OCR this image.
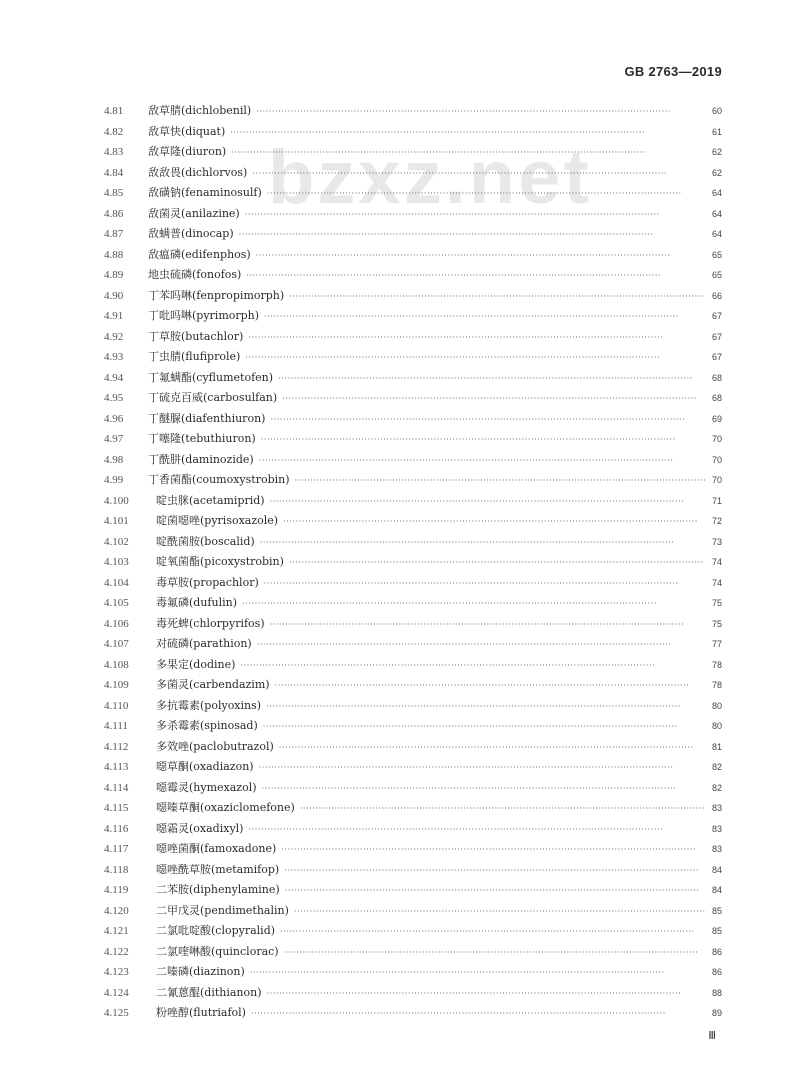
GB 2763—2019
bzxz.net
4.81 敌草腈(dichlobenil) ·····	60
4.82 敌草快(diquat) ·····	61
4.83 敌草隆(diuron) ·····	62
4.84 敌敌畏(dichlorvos) ·····	62
4.85 敌磺钠(fenaminosulf) ·····	64
4.86 敌菌灵(anilazine) ·····	64
4.87 敌螨普(dinocap) ·····	64
4.88 敌瘟磷(edifenphos) ·····	65
4.89 地虫硫磷(fonofos) ·····	65
4.90 丁苯吗啉(fenpropimorph) ·····	66
4.91 丁吡吗啉(pyrimorph) ·····	67
4.92 丁草胺(butachlor) ·····	67
4.93 丁虫腈(flufiprole) ·····	67
4.94 丁氟螨酯(cyflumetofen) ·····	68
4.95 丁硫克百威(carbosulfan) ·····	68
4.96 丁醚脲(diafenthiuron) ·····	69
4.97 丁噻隆(tebuthiuron) ·····	70
4.98 丁酰肼(daminozide) ·····	70
4.99 丁香菌酯(coumoxystrobin) ·····	70
4.100 啶虫脒(acetamiprid) ·····	71
4.101 啶菌噁唑(pyrisoxazole) ·····	72
4.102 啶酰菌胺(boscalid) ·····	73
4.103 啶氧菌酯(picoxystrobin) ·····	74
4.104 毒草胺(propachlor) ·····	74
4.105 毒氟磷(dufulin) ·····	75
4.106 毒死蜱(chlorpyrifos) ·····	75
4.107 对硫磷(parathion) ·····	77
4.108 多果定(dodine) ·····	78
4.109 多菌灵(carbendazim) ·····	78
4.110	多抗霉素(polyoxins) ·····	80
4.111	多杀霉素(spinosad) ·····	80
4.112	多效唑(paclobutrazol) ·····	81
4.113	噁草酮(oxadiazon) ·····	82
4.114	噁霉灵(hymexazol) ·····	82
4.115	噁嗪草酮(oxaziclomefone) ·····	83
4.116	噁霜灵(oxadixyl) ·····	83
4.117	噁唑菌酮(famoxadone) ·····	83
4.118	噁唑酰草胺(metamifop) ·····	84
4.119	二苯胺(diphenylamine) ·····	84
4.120 二甲戊灵(pendimethalin) ·····	85
4.121 二氯吡啶酸(clopyralid) ·····	85
4.122 二氯喹啉酸(quinclorac) ·····	86
4.123 二嗪磷(diazinon) ·····	86
4.124 二氰蒽醌(dithianon) ·····	88
4.125 粉唑醇(flutriafol) ·····	89
Ⅲ
